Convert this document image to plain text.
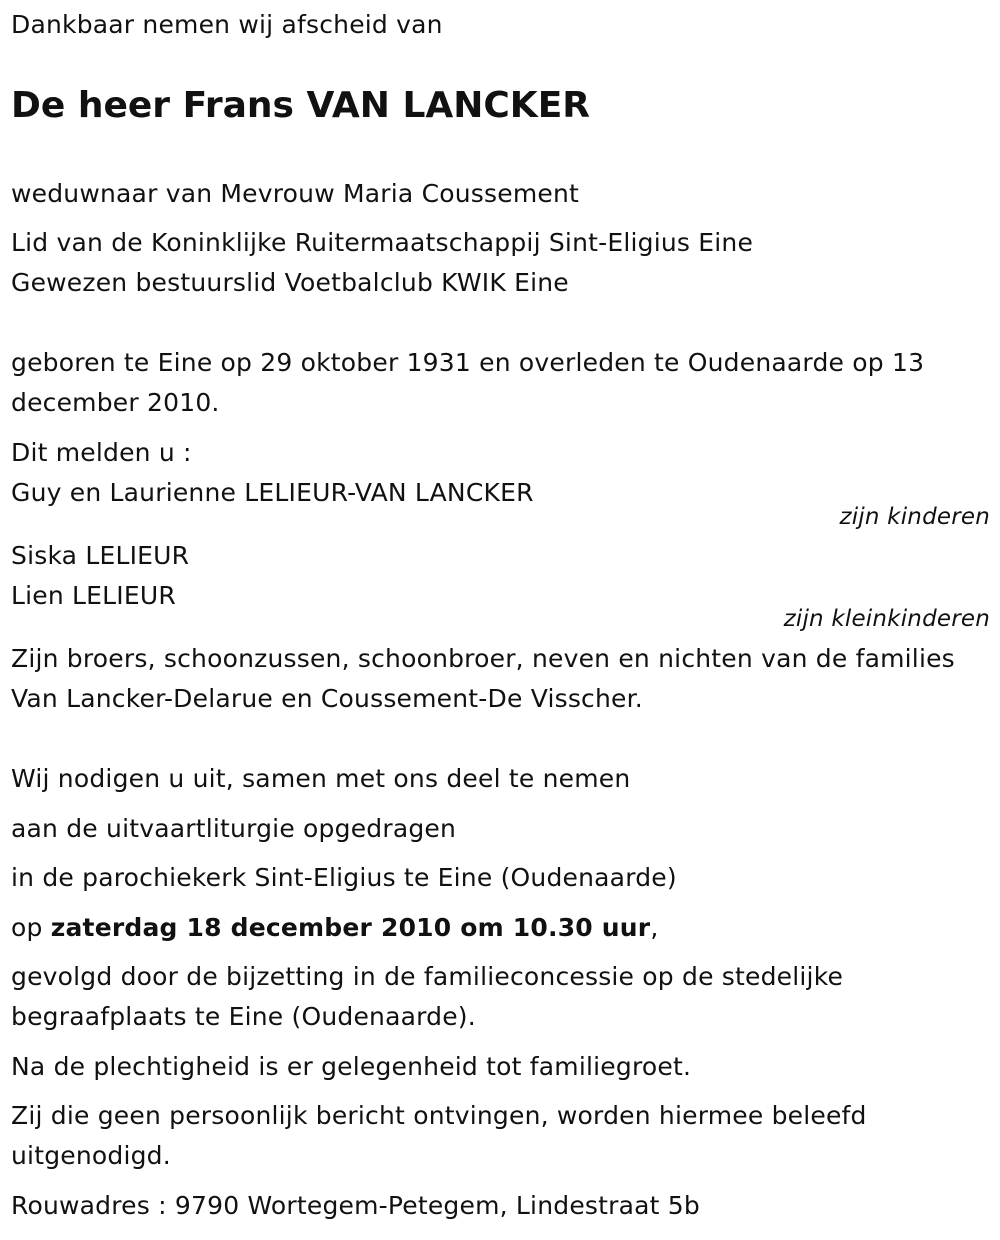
Dankbaar nemen wij afscheid van
De heer Frans VAN LANCKER
weduwnaar van Mevrouw Maria Coussement
Lid van de Koninklijke Ruitermaatschappij Sint-Eligius Eine
Gewezen bestuurslid Voetbalclub KWIK Eine
geboren te Eine op 29 oktober 1931 en overleden te Oudenaarde op 13
december 2010.
Dit melden u :
Guy en Laurienne LELIEUR-VAN LANCKER
zijn kinderen
Siska LELIEUR
Lien LELIEUR
zijn kleinkinderen
Zijn broers, schoonzussen, schoonbroer, neven en nichten van de families
Van Lancker-Delarue en Coussement-De Visscher.
Wij nodigen u uit, samen met ons deel te nemen
aan de uitvaartliturgie opgedragen
in de parochiekerk Sint-Eligius te Eine (Oudenaarde)
op zaterdag 18 december 2010 om 10.30 uur,
gevolgd door de bijzetting in de familieconcessie op de stedelijke
begraafplaats te Eine (Oudenaarde).
Na de plechtigheid is er gelegenheid tot familiegroet.
Zij die geen persoonlijk bericht ontvingen, worden hiermee beleefd
uitgenodigd.
Rouwadres : 9790 Wortegem-Petegem, Lindestraat 5b
